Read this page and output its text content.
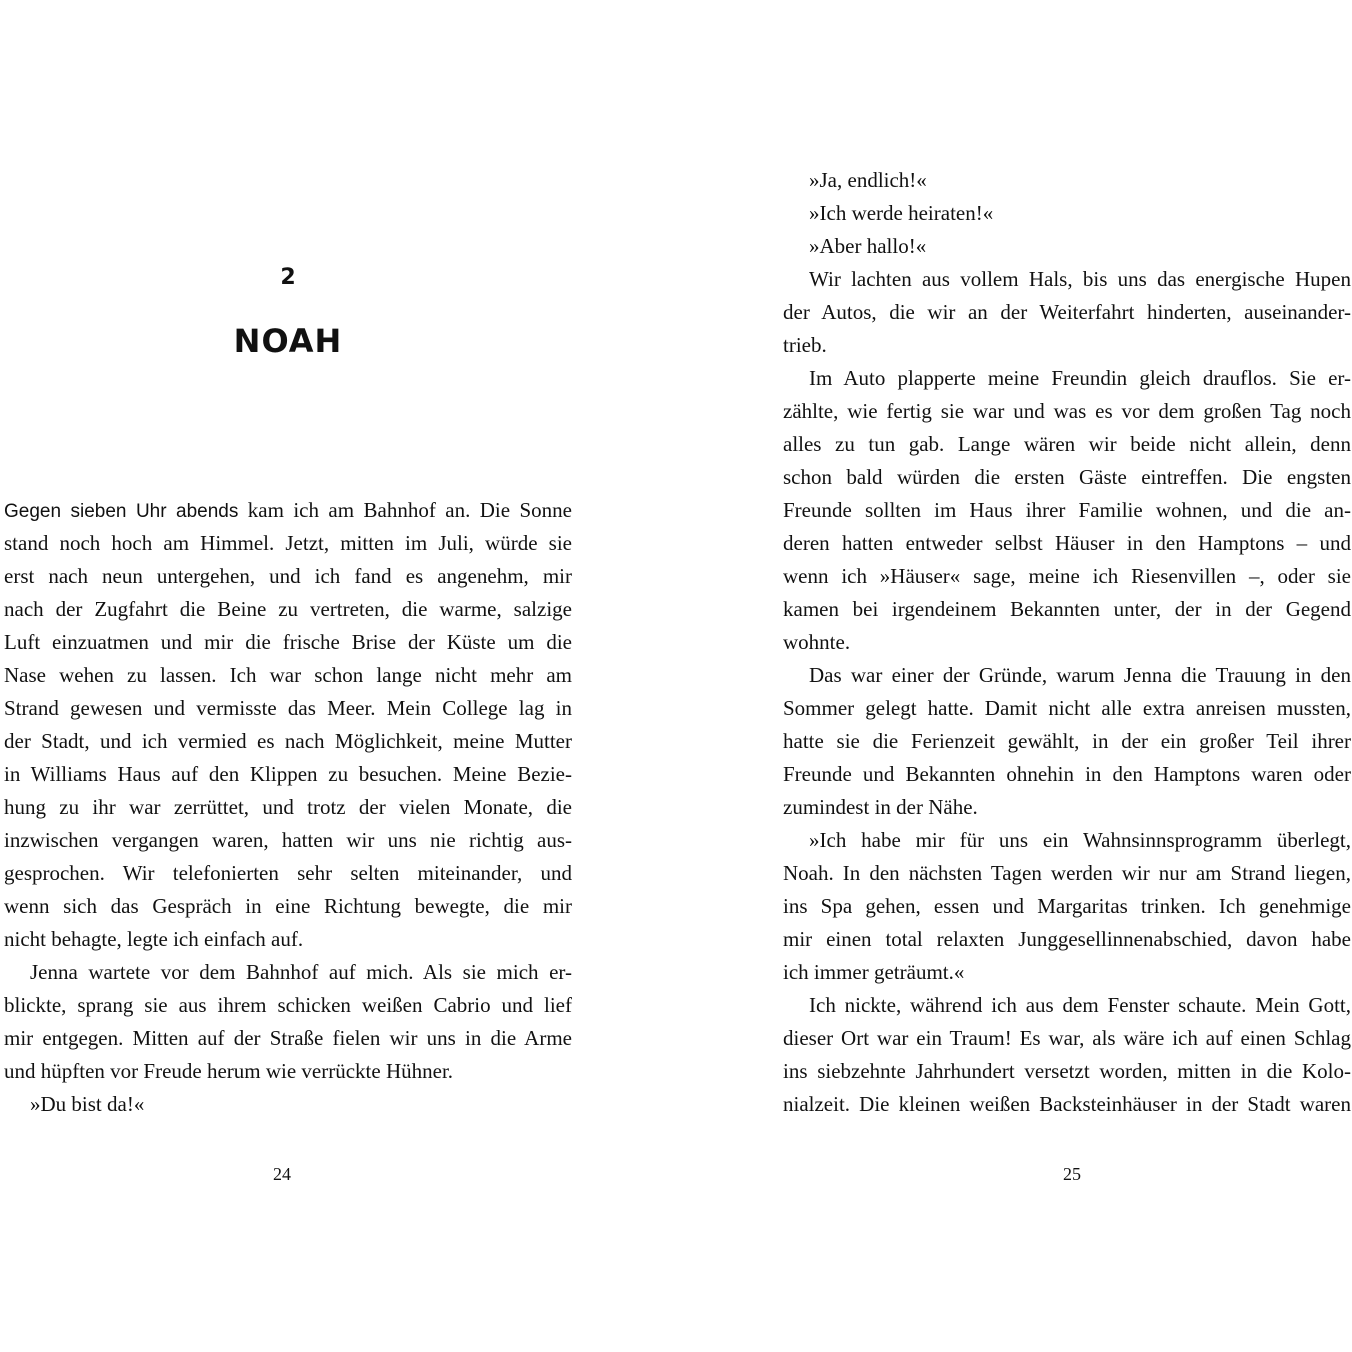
2
NOAH
Gegen sieben Uhr abends kam ich am Bahnhof an. Die Sonne
stand noch hoch am Himmel. Jetzt, mitten im Juli, würde sie
erst nach neun untergehen, und ich fand es angenehm, mir
nach der Zugfahrt die Beine zu vertreten, die warme, salzige
Luft einzuatmen und mir die frische Brise der Küste um die
Nase wehen zu lassen. Ich war schon lange nicht mehr am
Strand gewesen und vermisste das Meer. Mein College lag in
der Stadt, und ich vermied es nach Möglichkeit, meine Mutter
in Williams Haus auf den Klippen zu besuchen. Meine Bezie-
hung zu ihr war zerrüttet, und trotz der vielen Monate, die
inzwischen vergangen waren, hatten wir uns nie richtig aus-
gesprochen. Wir telefonierten sehr selten miteinander, und
wenn sich das Gespräch in eine Richtung bewegte, die mir
nicht behagte, legte ich einfach auf.
Jenna wartete vor dem Bahnhof auf mich. Als sie mich er-
blickte, sprang sie aus ihrem schicken weißen Cabrio und lief
mir entgegen. Mitten auf der Straße fielen wir uns in die Arme
und hüpften vor Freude herum wie verrückte Hühner.
»Du bist da!«
24
»Ja, endlich!«
»Ich werde heiraten!«
»Aber hallo!«
Wir lachten aus vollem Hals, bis uns das energische Hupen
der Autos, die wir an der Weiterfahrt hinderten, auseinander-
trieb.
Im Auto plapperte meine Freundin gleich drauflos. Sie er-
zählte, wie fertig sie war und was es vor dem großen Tag noch
alles zu tun gab. Lange wären wir beide nicht allein, denn
schon bald würden die ersten Gäste eintreffen. Die engsten
Freunde sollten im Haus ihrer Familie wohnen, und die an-
deren hatten entweder selbst Häuser in den Hamptons – und
wenn ich »Häuser« sage, meine ich Riesenvillen –, oder sie
kamen bei irgendeinem Bekannten unter, der in der Gegend
wohnte.
Das war einer der Gründe, warum Jenna die Trauung in den
Sommer gelegt hatte. Damit nicht alle extra anreisen mussten,
hatte sie die Ferienzeit gewählt, in der ein großer Teil ihrer
Freunde und Bekannten ohnehin in den Hamptons waren oder
zumindest in der Nähe.
»Ich habe mir für uns ein Wahnsinnsprogramm überlegt,
Noah. In den nächsten Tagen werden wir nur am Strand liegen,
ins Spa gehen, essen und Margaritas trinken. Ich genehmige
mir einen total relaxten Junggesellinnenabschied, davon habe
ich immer geträumt.«
Ich nickte, während ich aus dem Fenster schaute. Mein Gott,
dieser Ort war ein Traum! Es war, als wäre ich auf einen Schlag
ins siebzehnte Jahrhundert versetzt worden, mitten in die Kolo-
nialzeit. Die kleinen weißen Backsteinhäuser in der Stadt waren
25
